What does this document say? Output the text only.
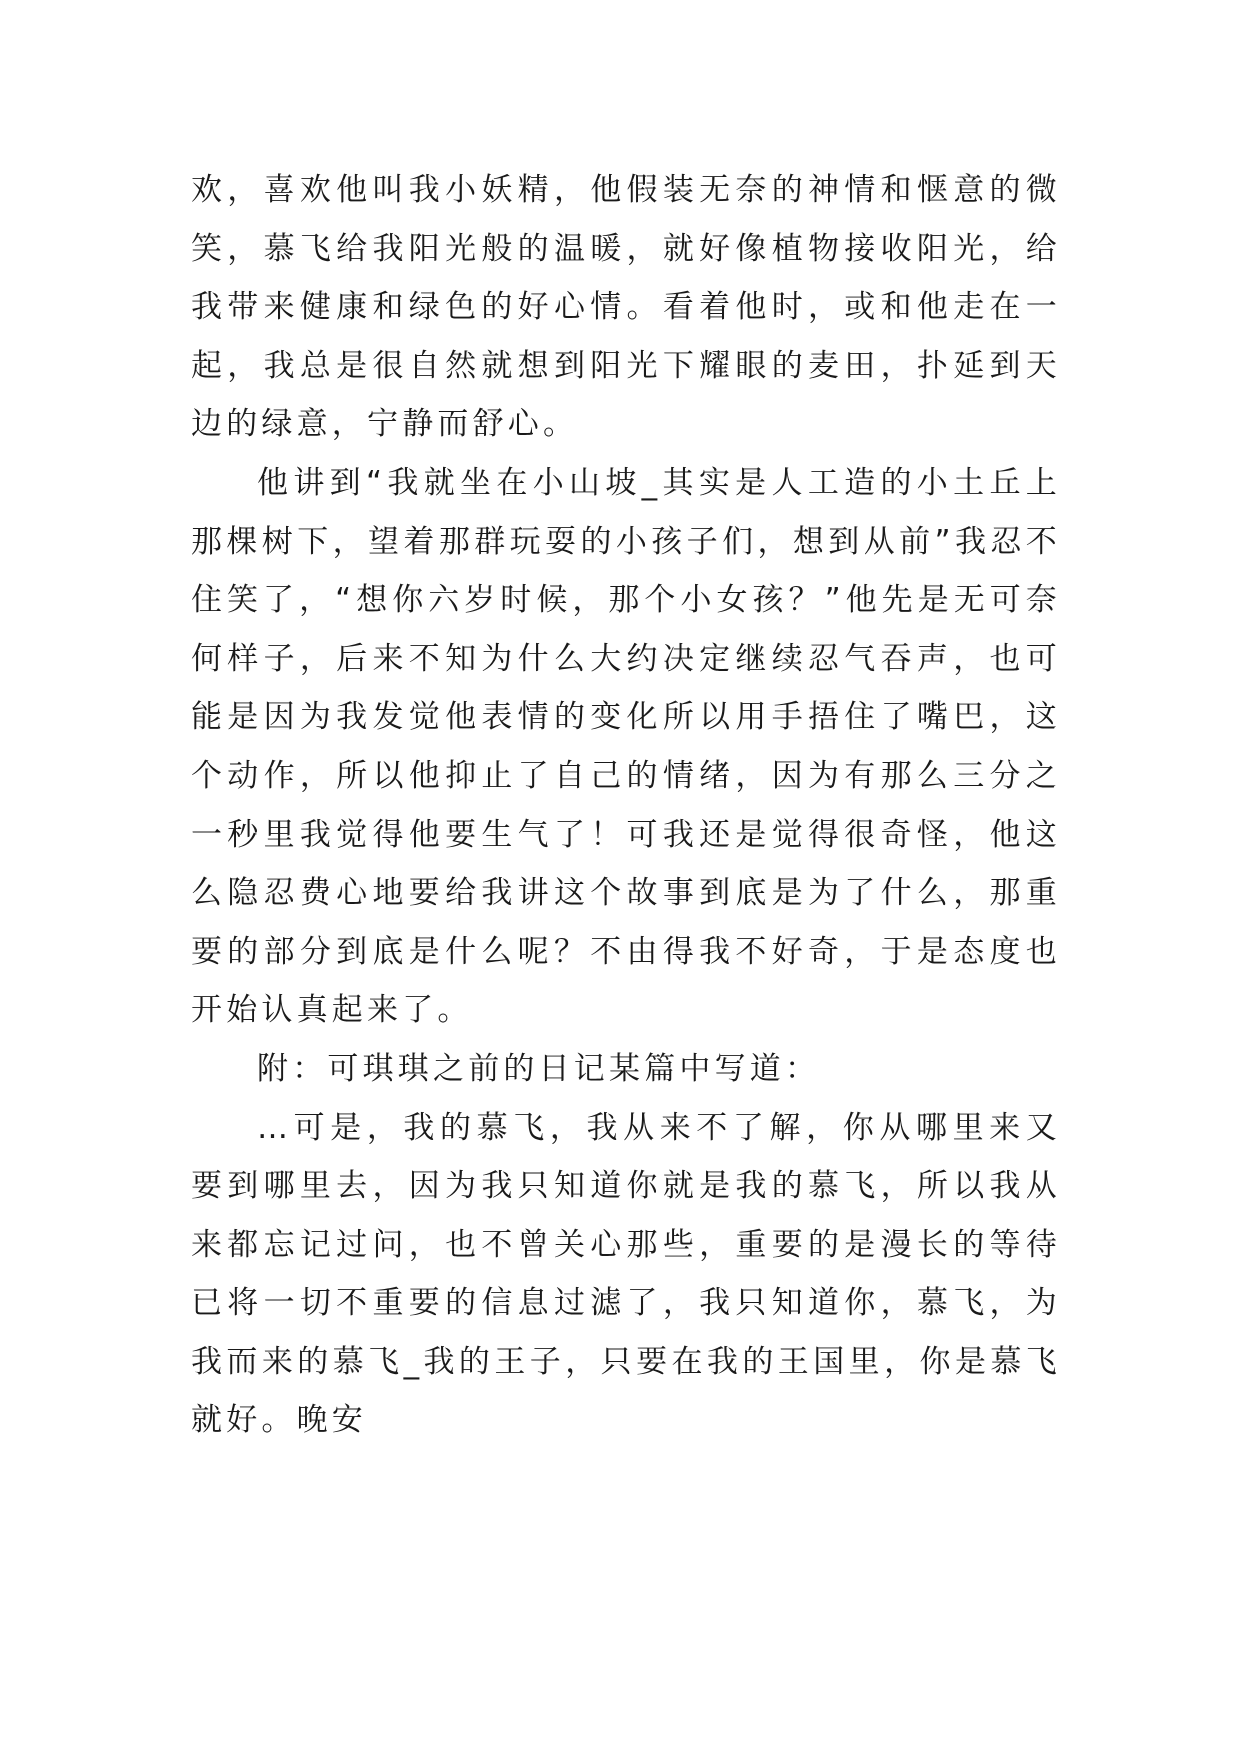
欢，喜欢他叫我小妖精，他假装无奈的神情和惬意的微笑，慕飞给我阳光般的温暖，就好像植物接收阳光，给我带来健康和绿色的好心情。看着他时，或和他走在一起，我总是很自然就想到阳光下耀眼的麦田，扑延到天边的绿意，宁静而舒心。

他讲到“我就坐在小山坡_其实是人工造的小土丘上那棵树下，望着那群玩耍的小孩子们，想到从前”我忍不住笑了，“想你六岁时候，那个小女孩？”他先是无可奈何样子，后来不知为什么大约决定继续忍气吞声，也可能是因为我发觉他表情的变化所以用手捂住了嘴巴，这个动作，所以他抑止了自己的情绪，因为有那么三分之一秒里我觉得他要生气了！可我还是觉得很奇怪，他这么隐忍费心地要给我讲这个故事到底是为了什么，那重要的部分到底是什么呢？不由得我不好奇，于是态度也开始认真起来了。

附：可琪琪之前的日记某篇中写道：

…可是，我的慕飞，我从来不了解，你从哪里来又要到哪里去，因为我只知道你就是我的慕飞，所以我从来都忘记过问，也不曾关心那些，重要的是漫长的等待已将一切不重要的信息过滤了，我只知道你，慕飞，为我而来的慕飞_我的王子，只要在我的王国里，你是慕飞就好。晚安
